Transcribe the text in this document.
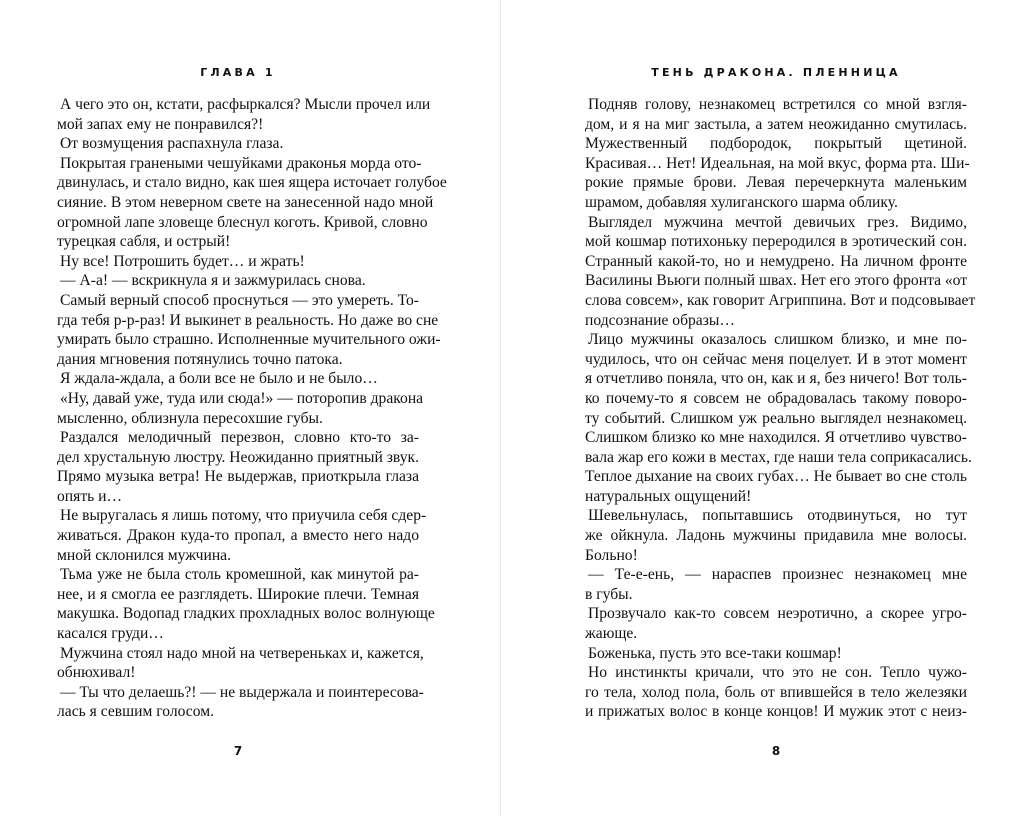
ГЛАВА 1
А чего это он, кстати, расфыркался? Мысли прочел или
мой запах ему не понравился?!
От возмущения распахнула глаза.
Покрытая гранеными чешуйками драконья морда ото-
двинулась, и стало видно, как шея ящера источает голубое
сияние. В этом неверном свете на занесенной надо мной
огромной лапе зловеще блеснул коготь. Кривой, словно
турецкая сабля, и острый!
Ну все! Потрошить будет… и жрать!
— А-а! — вскрикнула я и зажмурилась снова.
Самый верный способ проснуться — это умереть. То-
гда тебя р-р-раз! И выкинет в реальность. Но даже во сне
умирать было страшно. Исполненные мучительного ожи-
дания мгновения потянулись точно патока.
Я ждала-ждала, а боли все не было и не было…
«Ну, давай уже, туда или сюда!» — поторопив дракона
мысленно, облизнула пересохшие губы.
Раздался мелодичный перезвон, словно кто-то за-
дел хрустальную люстру. Неожиданно приятный звук.
Прямо музыка ветра! Не выдержав, приоткрыла глаза
опять и…
Не выругалась я лишь потому, что приучила себя сдер-
живаться. Дракон куда-то пропал, а вместо него надо
мной склонился мужчина.
Тьма уже не была столь кромешной, как минутой ра-
нее, и я смогла ее разглядеть. Широкие плечи. Темная
макушка. Водопад гладких прохладных волос волнующе
касался груди…
Мужчина стоял надо мной на четвереньках и, кажется,
обнюхивал!
— Ты что делаешь?! — не выдержала и поинтересова-
лась я севшим голосом.
7
ТЕНЬ ДРАКОНА. ПЛЕННИЦА
Подняв голову, незнакомец встретился со мной взгля-
дом, и я на миг застыла, а затем неожиданно смутилась.
Мужественный подбородок, покрытый щетиной.
Красивая… Нет! Идеальная, на мой вкус, форма рта. Ши-
рокие прямые брови. Левая перечеркнута маленьким
шрамом, добавляя хулиганского шарма облику.
Выглядел мужчина мечтой девичьих грез. Видимо,
мой кошмар потихоньку переродился в эротический сон.
Странный какой-то, но и немудрено. На личном фронте
Василины Вьюги полный швах. Нет его этого фронта «от
слова совсем», как говорит Агриппина. Вот и подсовывает
подсознание образы…
Лицо мужчины оказалось слишком близко, и мне по-
чудилось, что он сейчас меня поцелует. И в этот момент
я отчетливо поняла, что он, как и я, без ничего! Вот толь-
ко почему-то я совсем не обрадовалась такому поворо-
ту событий. Слишком уж реально выглядел незнакомец.
Слишком близко ко мне находился. Я отчетливо чувство-
вала жар его кожи в местах, где наши тела соприкасались.
Теплое дыхание на своих губах… Не бывает во сне столь
натуральных ощущений!
Шевельнулась, попытавшись отодвинуться, но тут
же ойкнула. Ладонь мужчины придавила мне волосы.
Больно!
— Те-е-ень, — нараспев произнес незнакомец мне
в губы.
Прозвучало как-то совсем неэротично, а скорее угро-
жающе.
Боженька, пусть это все-таки кошмар!
Но инстинкты кричали, что это не сон. Тепло чужо-
го тела, холод пола, боль от впившейся в тело железяки
и прижатых волос в конце концов! И мужик этот с неиз-
8
